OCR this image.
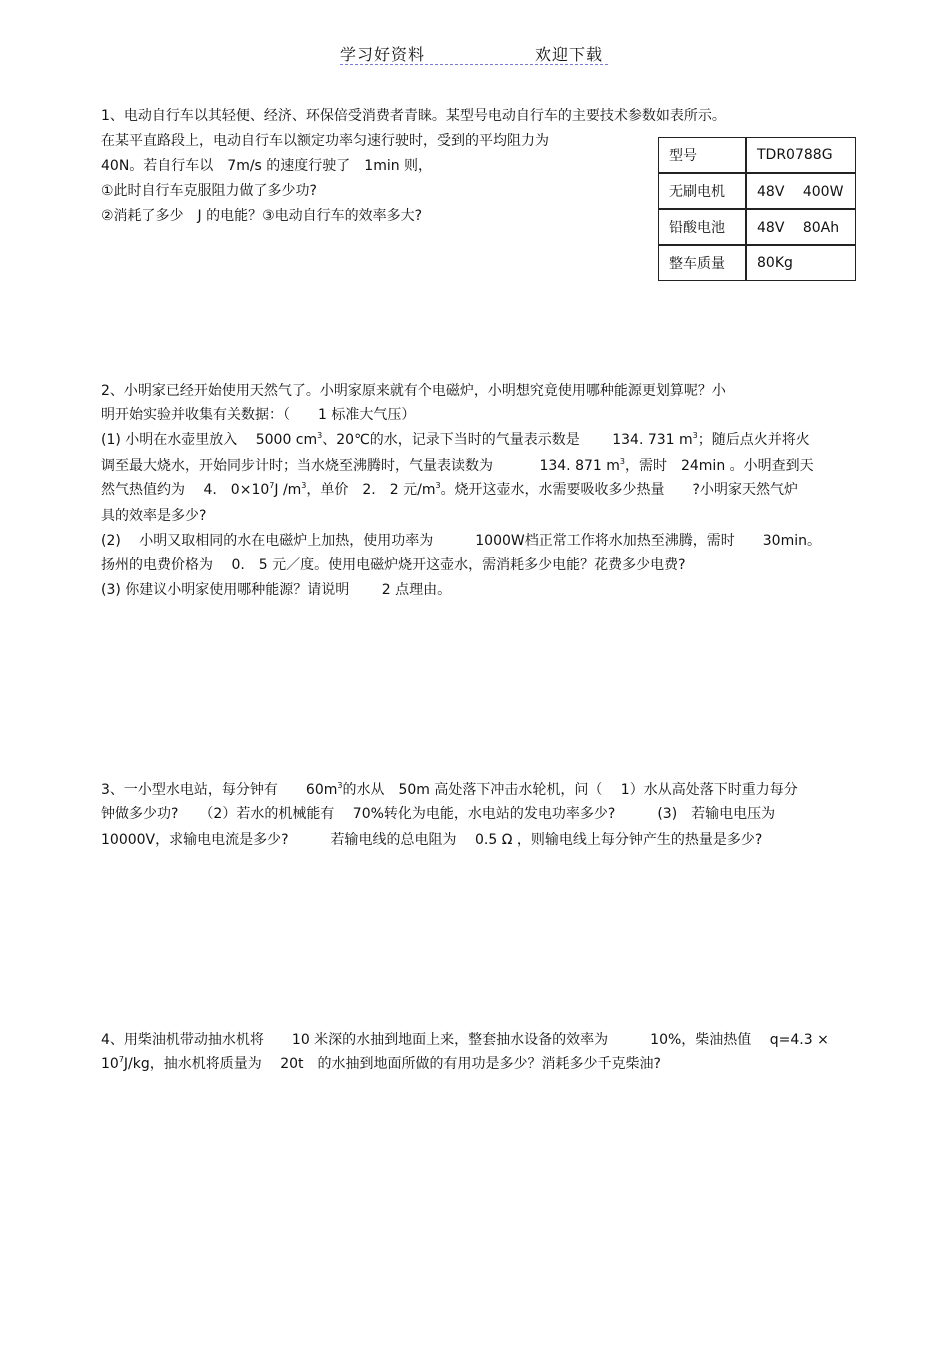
学习好资料	欢迎下载
1、电动自行车以其轻便、经济、环保倍受消费者青睐。某型号电动自行车的主要技术参数如表所示。
在某平直路段上，电动自行车以额定功率匀速行驶时，受到的平均阻力为
40N。若自行车以　7m/s 的速度行驶了　1min 则，
①此时自行车克服阻力做了多少功?
②消耗了多少　J 的电能？③电动自行车的效率多大?
型号	TDR0788G
无刷电机	48V　 400W
铅酸电池	48V　 80Ah
整车质量	80Kg
2、小明家已经开始使用天然气了。小明家原来就有个电磁炉，小明想究竟使用哪种能源更划算呢？小
明开始实验并收集有关数据：（　　1 标准大气压）
(1) 小明在水壶里放入　 5000 $cm^3$、20℃的水，记录下当时的气量表示数是　　 134. 731 $m^3$；随后点火并将火
调至最大烧水，开始同步计时；当水烧至沸腾时，气量表读数为　　　 134. 871 $m^3$，需时　24min 。小明查到天
然气热值约为　 4.　$0\times 10^7J$ $/m^3$，单价　2.　2 元$/m^3$。烧开这壶水，水需要吸收多少热量　　?小明家天然气炉
具的效率是多少?
(2)　 小明又取相同的水在电磁炉上加热，使用功率为　　　1000W档正常工作将水加热至沸腾，需时　　30min。
扬州的电费价格为　 0.　5 元／度。使用电磁炉烧开这壶水，需消耗多少电能？花费多少电费?
(3) 你建议小明家使用哪种能源？请说明　　 2 点理由。
3、一小型水电站，每分钟有　　$60m^3$的水从　50m 高处落下冲击水轮机，问（　 1）水从高处落下时重力每分
钟做多少功?　　（2）若水的机械能有　 70%转化为电能，水电站的发电功率多少?　　　(3)　若输电电压为
10000V，求输电电流是多少?　　　若输电线的总电阻为　 0.5 Ω ，则输电线上每分钟产生的热量是多少?
4、用柴油机带动抽水机将　　10 米深的水抽到地面上来，整套抽水设备的效率为　　　10%，柴油热值　 q=4.3 ×
$10^7J/kg$，抽水机将质量为　 20t　的水抽到地面所做的有用功是多少？消耗多少千克柴油?
